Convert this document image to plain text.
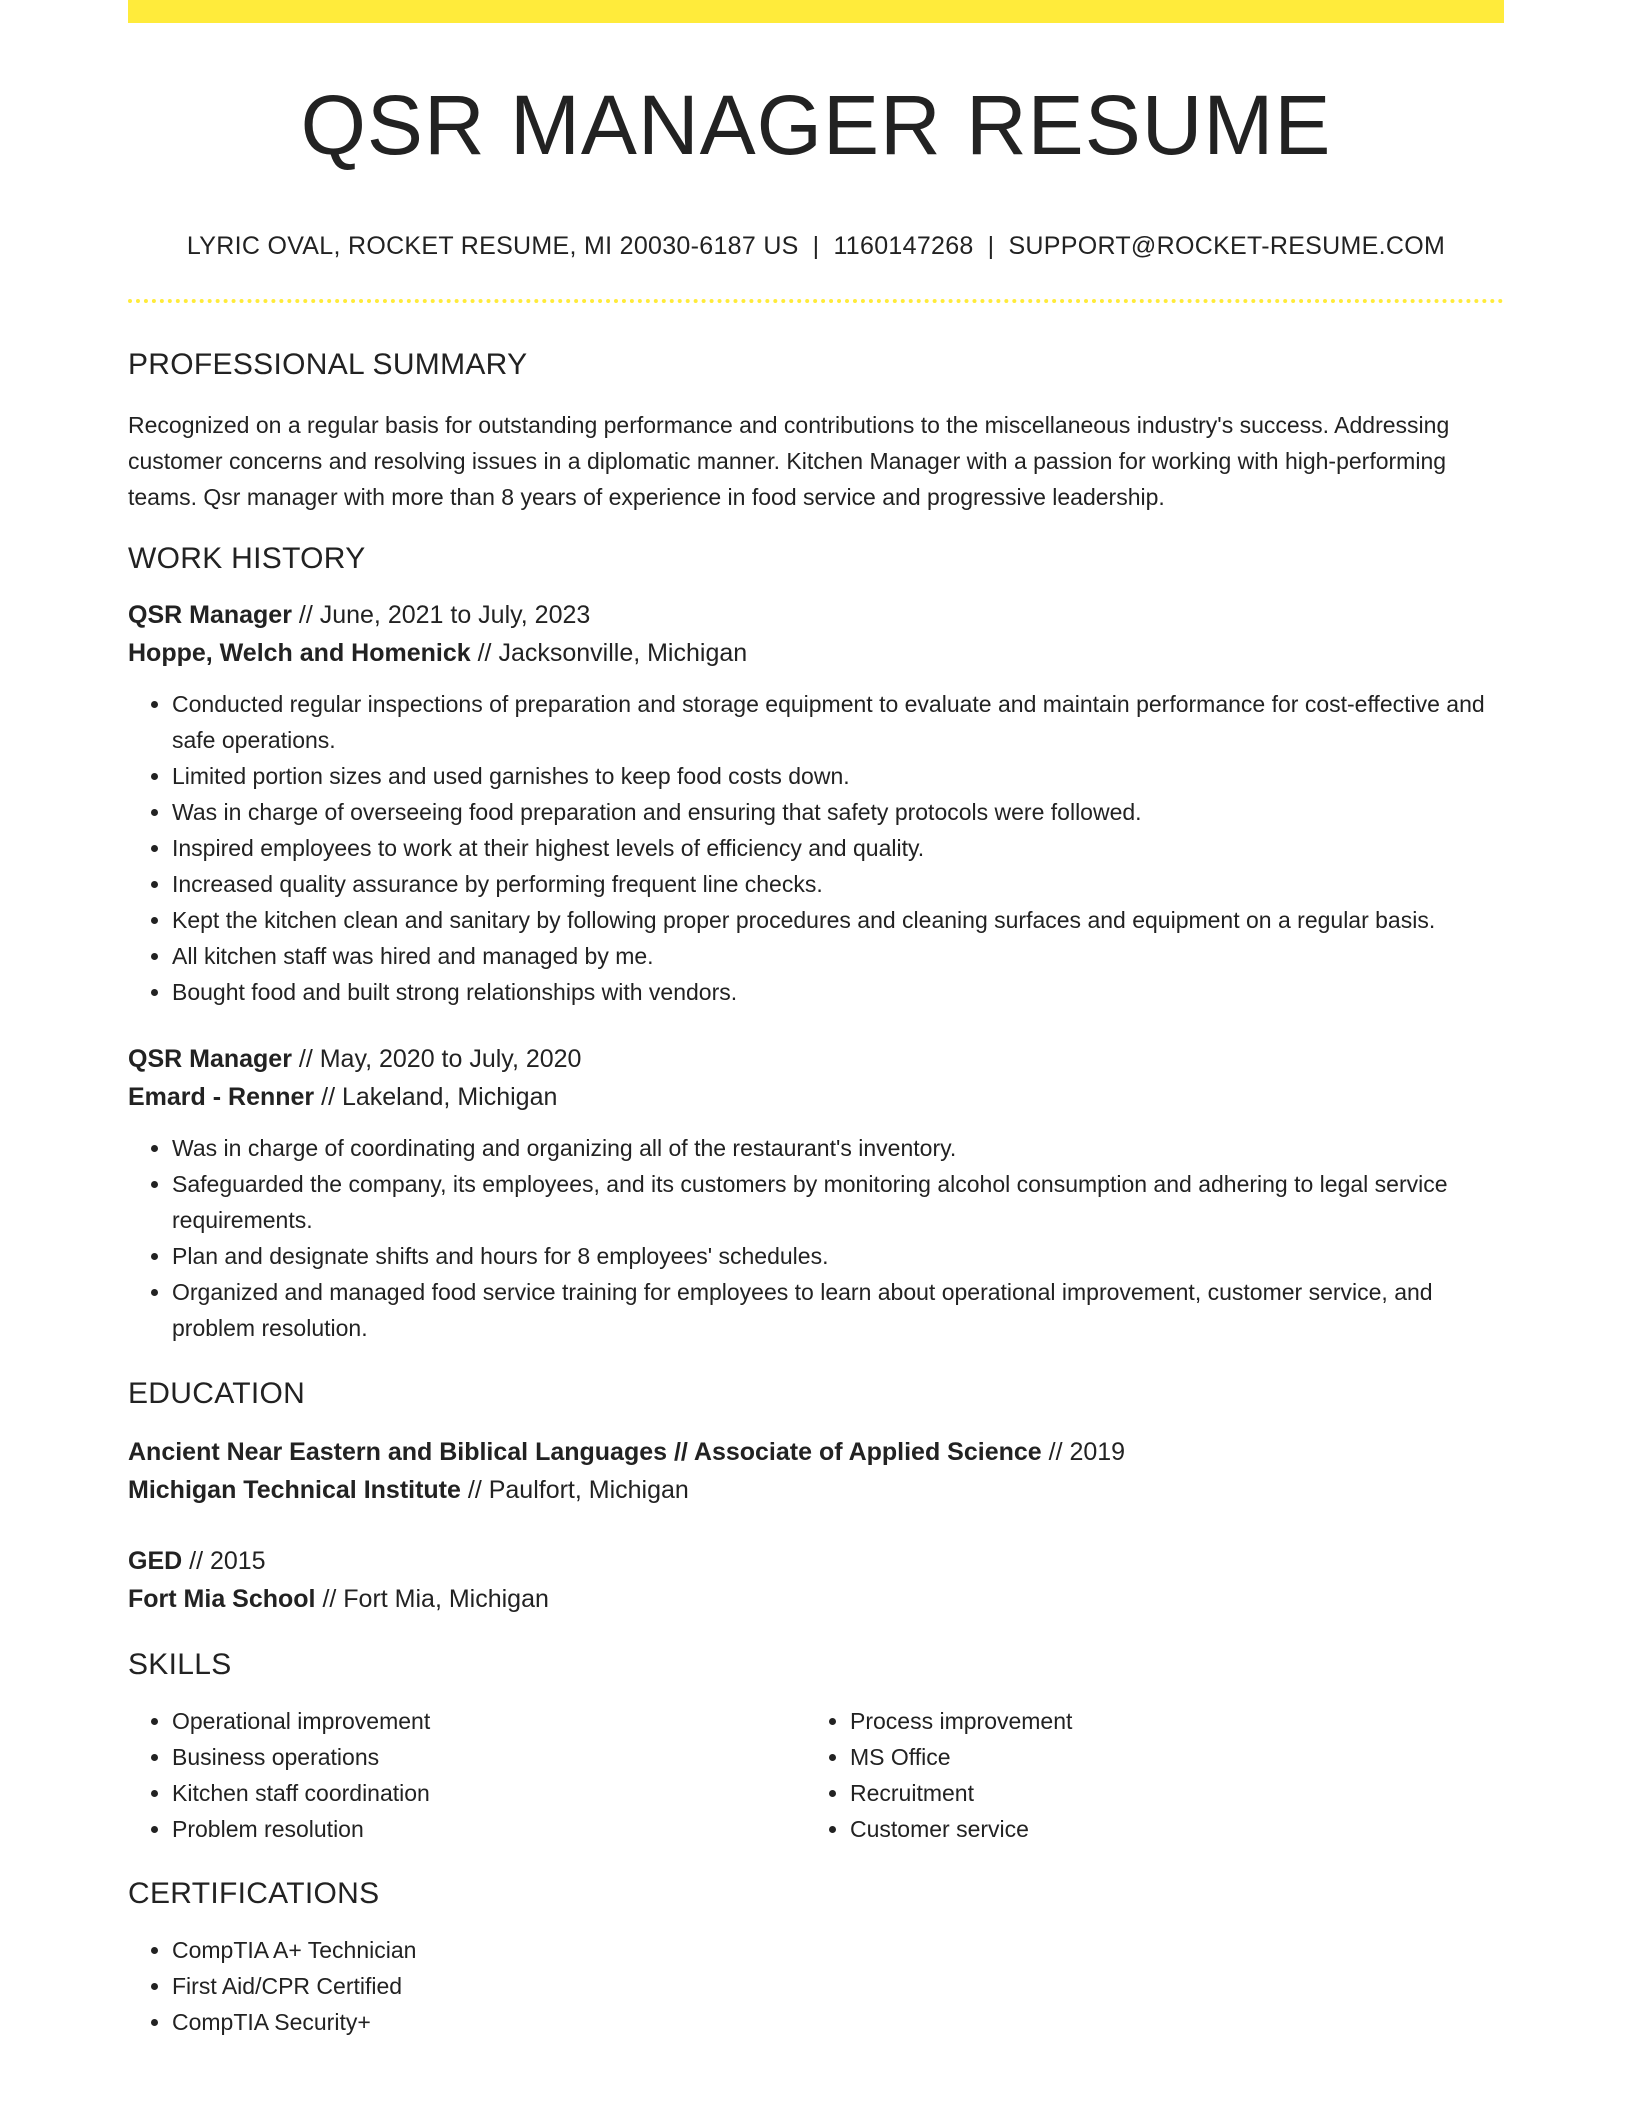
QSR MANAGER RESUME
LYRIC OVAL, ROCKET RESUME, MI 20030-6187 US | 1160147268 | SUPPORT@ROCKET-RESUME.COM
PROFESSIONAL SUMMARY

Recognized on a regular basis for outstanding performance and contributions to the miscellaneous industry's success. Addressing customer concerns and resolving issues in a diplomatic manner. Kitchen Manager with a passion for working with high-performing teams. Qsr manager with more than 8 years of experience in food service and progressive leadership.

WORK HISTORY
QSR Manager // June, 2021 to July, 2023
Hoppe, Welch and Homenick // Jacksonville, Michigan
• Conducted regular inspections of preparation and storage equipment to evaluate and maintain performance for cost-effective and safe operations.
• Limited portion sizes and used garnishes to keep food costs down.
• Was in charge of overseeing food preparation and ensuring that safety protocols were followed.
• Inspired employees to work at their highest levels of efficiency and quality.
• Increased quality assurance by performing frequent line checks.
• Kept the kitchen clean and sanitary by following proper procedures and cleaning surfaces and equipment on a regular basis.
• All kitchen staff was hired and managed by me.
• Bought food and built strong relationships with vendors.
QSR Manager // May, 2020 to July, 2020
Emard - Renner // Lakeland, Michigan
• Was in charge of coordinating and organizing all of the restaurant's inventory.
• Safeguarded the company, its employees, and its customers by monitoring alcohol consumption and adhering to legal service requirements.
• Plan and designate shifts and hours for 8 employees' schedules.
• Organized and managed food service training for employees to learn about operational improvement, customer service, and problem resolution.
EDUCATION
Ancient Near Eastern and Biblical Languages // Associate of Applied Science // 2019
Michigan Technical Institute // Paulfort, Michigan
GED // 2015
Fort Mia School // Fort Mia, Michigan
SKILLS
• Operational improvement
• Business operations
• Kitchen staff coordination
• Problem resolution
• Process improvement
• MS Office
• Recruitment
• Customer service
CERTIFICATIONS
• CompTIA A+ Technician
• First Aid/CPR Certified
• CompTIA Security+
